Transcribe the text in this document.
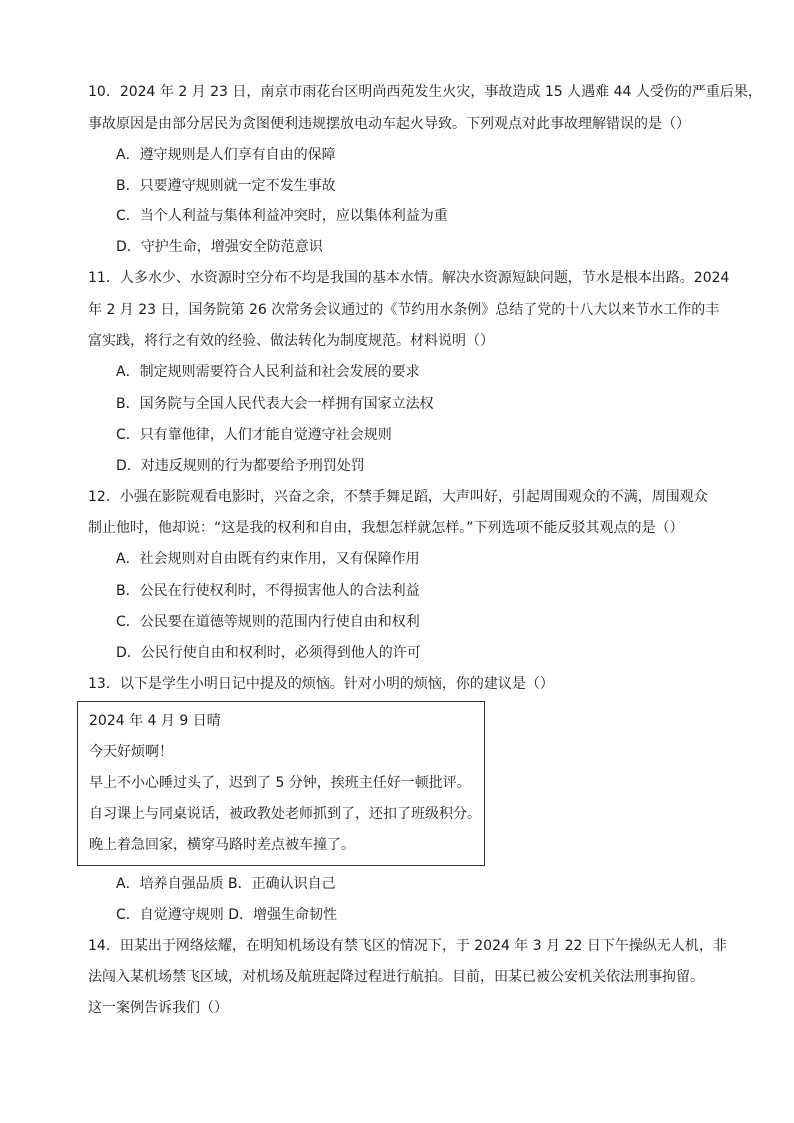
10．2024 年 2 月 23 日，南京市雨花台区明尚西苑发生火灾，事故造成 15 人遇难 44 人受伤的严重后果，
事故原因是由部分居民为贪图便利违规摆放电动车起火导致。下列观点对此事故理解错误的是（）
A．遵守规则是人们享有自由的保障
B．只要遵守规则就一定不发生事故
C．当个人利益与集体利益冲突时，应以集体利益为重
D．守护生命，增强安全防范意识
11．人多水少、水资源时空分布不均是我国的基本水情。解决水资源短缺问题，节水是根本出路。2024
年 2 月 23 日，国务院第 26 次常务会议通过的《节约用水条例》总结了党的十八大以来节水工作的丰
富实践，将行之有效的经验、做法转化为制度规范。材料说明（）
A．制定规则需要符合人民利益和社会发展的要求
B．国务院与全国人民代表大会一样拥有国家立法权
C．只有靠他律，人们才能自觉遵守社会规则
D．对违反规则的行为都要给予刑罚处罚
12．小强在影院观看电影时，兴奋之余，不禁手舞足蹈，大声叫好，引起周围观众的不满，周围观众
制止他时，他却说：“这是我的权利和自由，我想怎样就怎样。”下列选项不能反驳其观点的是（）
A．社会规则对自由既有约束作用，又有保障作用
B．公民在行使权利时，不得损害他人的合法利益
C．公民要在道德等规则的范围内行使自由和权利
D．公民行使自由和权利时，必须得到他人的许可
13．以下是学生小明日记中提及的烦恼。针对小明的烦恼，你的建议是（）
2024 年 4 月 9 日晴
今天好烦啊！
早上不小心睡过头了，迟到了 5 分钟，挨班主任好一顿批评。
自习课上与同桌说话，被政教处老师抓到了，还扣了班级积分。
晚上着急回家，横穿马路时差点被车撞了。
A．培养自强品质 B．正确认识自己
C．自觉遵守规则 D．增强生命韧性
14．田某出于网络炫耀，在明知机场设有禁飞区的情况下，于 2024 年 3 月 22 日下午操纵无人机，非
法闯入某机场禁飞区域，对机场及航班起降过程进行航拍。目前，田某已被公安机关依法刑事拘留。
这一案例告诉我们（）
